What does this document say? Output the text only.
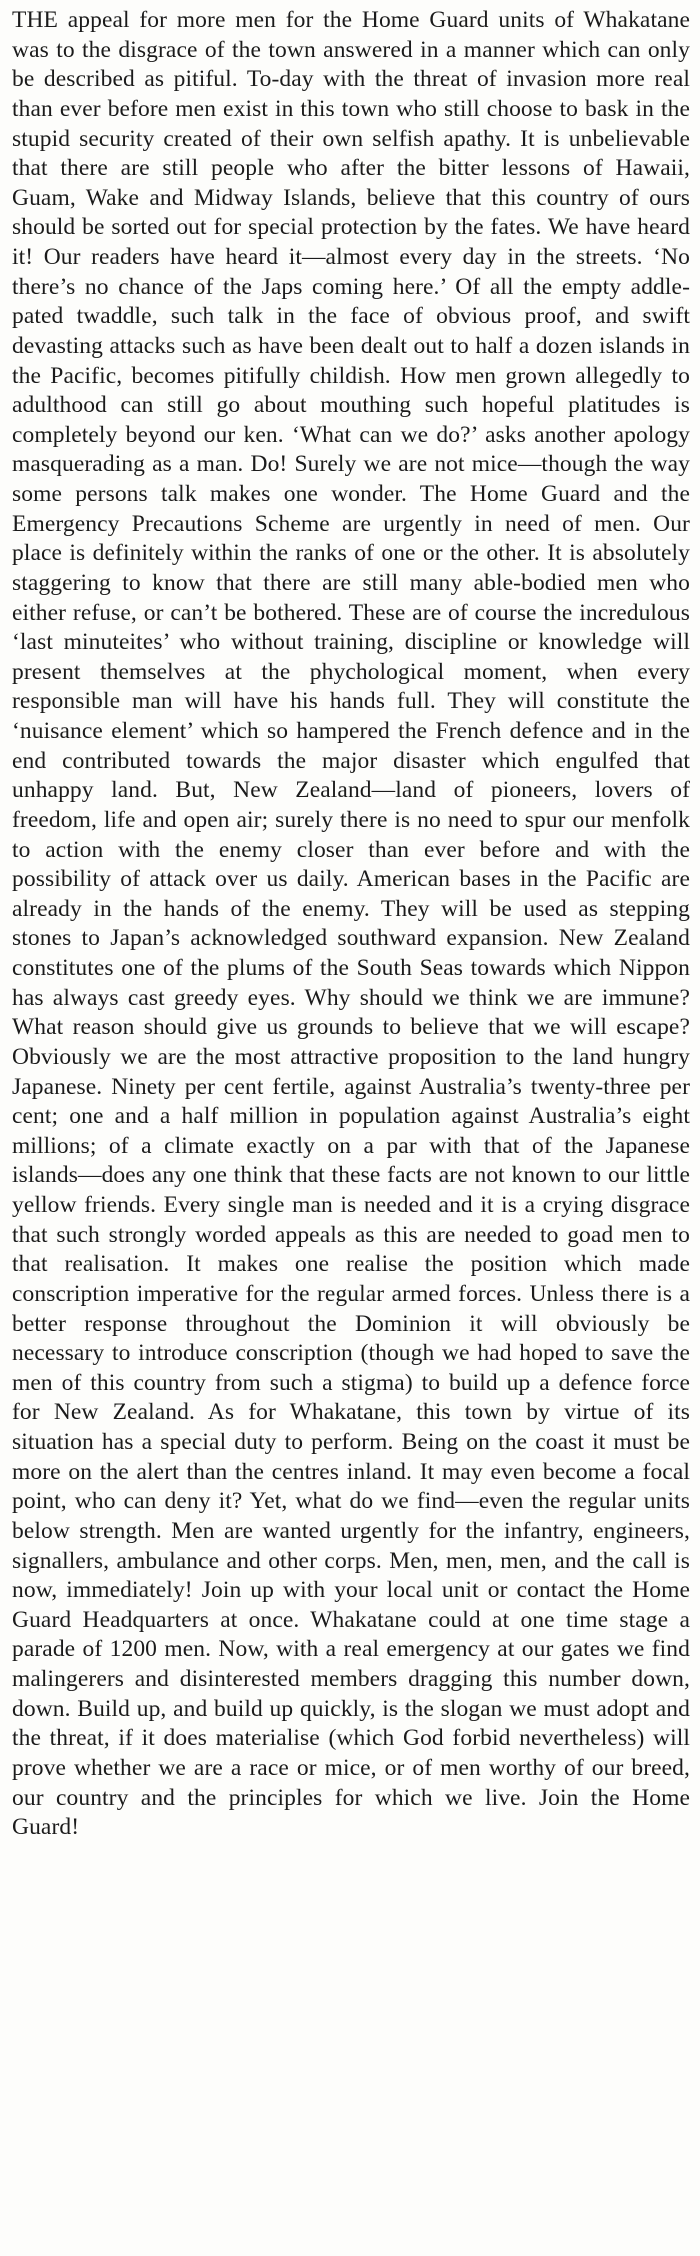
THE appeal for more men for the Home Guard units of Whakatane was to the disgrace of the town answered in a manner which can only be described as pitiful. To-day with the threat of invasion more real than ever before men exist in this town who still choose to bask in the stupid security created of their own selfish apathy. It is unbelievable that there are still people who after the bitter lessons of Hawaii, Guam, Wake and Midway Islands, believe that this country of ours should be sorted out for special protection by the fates. We have heard it! Our readers have heard it—almost every day in the streets. ‘No there’s no chance of the Japs coming here.’ Of all the empty addle-pated twaddle, such talk in the face of obvious proof, and swift devasting attacks such as have been dealt out to half a dozen islands in the Pacific, becomes pitifully childish. How men grown allegedly to adulthood can still go about mouthing such hopeful platitudes is completely beyond our ken. ‘What can we do?’ asks another apology masquerading as a man. Do! Surely we are not mice—though the way some persons talk makes one wonder. The Home Guard and the Emergency Precautions Scheme are urgently in need of men. Our place is definitely within the ranks of one or the other. It is absolutely staggering to know that there are still many able-bodied men who either refuse, or can’t be bothered. These are of course the incredulous ‘last minuteites’ who without training, discipline or knowledge will present themselves at the phychological moment, when every responsible man will have his hands full. They will constitute the ‘nuisance element’ which so hampered the French defence and in the end contributed towards the major disaster which engulfed that unhappy land. But, New Zealand—land of pioneers, lovers of freedom, life and open air; surely there is no need to spur our menfolk to action with the enemy closer than ever before and with the possibility of attack over us daily. American bases in the Pacific are already in the hands of the enemy. They will be used as stepping stones to Japan’s acknowledged southward expansion. New Zealand constitutes one of the plums of the South Seas towards which Nippon has always cast greedy eyes. Why should we think we are immune? What reason should give us grounds to believe that we will escape? Obviously we are the most attractive proposition to the land hungry Japanese. Ninety per cent fertile, against Australia’s twenty-three per cent; one and a half million in population against Australia’s eight millions; of a climate exactly on a par with that of the Japanese islands—does any one think that these facts are not known to our little yellow friends. Every single man is needed and it is a crying disgrace that such strongly worded appeals as this are needed to goad men to that realisation. It makes one realise the position which made conscription imperative for the regular armed forces. Unless there is a better response throughout the Dominion it will obviously be necessary to introduce conscription (though we had hoped to save the men of this country from such a stigma) to build up a defence force for New Zealand. As for Whakatane, this town by virtue of its situation has a special duty to perform. Being on the coast it must be more on the alert than the centres inland. It may even become a focal point, who can deny it? Yet, what do we find—even the regular units below strength. Men are wanted urgently for the infantry, engineers, signallers, ambulance and other corps. Men, men, men, and the call is now, immediately! Join up with your local unit or contact the Home Guard Headquarters at once. Whakatane could at one time stage a parade of 1200 men. Now, with a real emergency at our gates we find malingerers and disinterested members dragging this number down, down. Build up, and build up quickly, is the slogan we must adopt and the threat, if it does materialise (which God forbid nevertheless) will prove whether we are a race or mice, or of men worthy of our breed, our country and the principles for which we live. Join the Home Guard!
